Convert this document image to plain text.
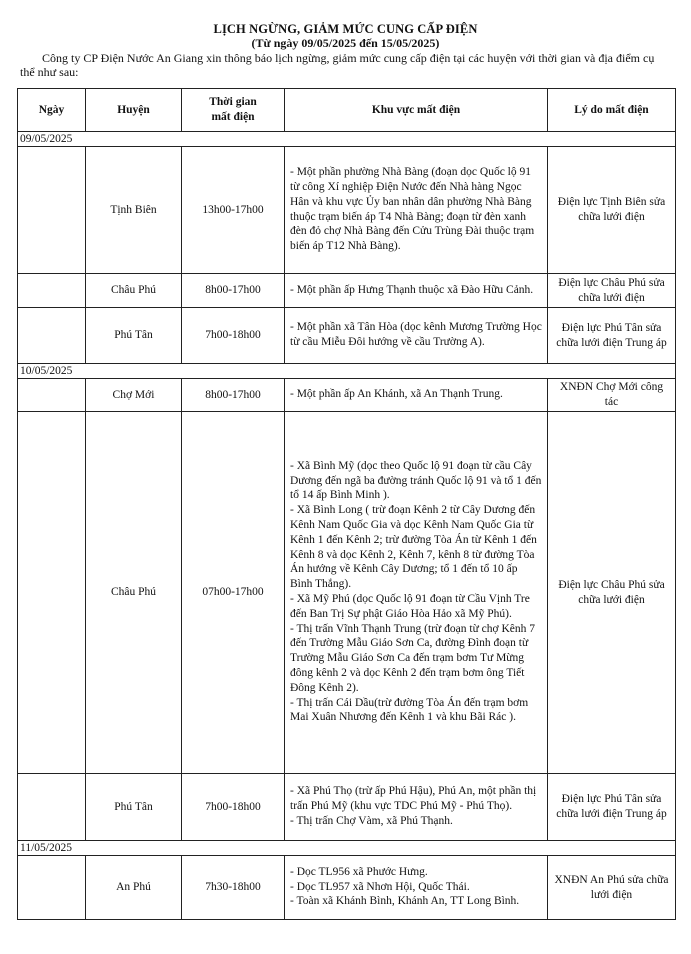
LỊCH NGỪNG, GIẢM MỨC CUNG CẤP ĐIỆN
(Từ ngày 09/05/2025 đến 15/05/2025)
Công ty CP Điện Nước An Giang xin thông báo lịch ngừng, giảm mức cung cấp điện tại các huyện với thời gian và địa điểm cụ thể như sau:
Ngày	Huyện	Thời gian
mất điện	Khu vực mất điện	Lý do mất điện
09/05/2025				
	Tịnh Biên	13h00-17h00	- Một phần phường Nhà Bàng (đoạn dọc Quốc lộ 91 từ công Xí nghiệp Điện Nước đến Nhà hàng Ngọc Hân và khu vực Ủy ban nhân dân phường Nhà Bàng thuộc trạm biến áp T4 Nhà Bàng; đoạn từ đèn xanh đèn đỏ chợ Nhà Bàng đến Cửu Trùng Đài thuộc trạm biến áp T12 Nhà Bàng).	Điện lực Tịnh Biên sửa chữa lưới điện
	Châu Phú	8h00-17h00	- Một phần ấp Hưng Thạnh thuộc xã Đào Hữu Cảnh.	Điện lực Châu Phú sửa chữa lưới điện
	Phú Tân	7h00-18h00	- Một phần xã Tân Hòa (dọc kênh Mương Trường Học từ cầu Miễu Đôi hướng về cầu Trường A).	Điện lực Phú Tân sửa chữa lưới điện Trung áp
10/05/2025				
	Chợ Mới	8h00-17h00	- Một phần ấp An Khánh, xã An Thạnh Trung.	XNĐN Chợ Mới công tác
	Châu Phú	07h00-17h00	- Xã Bình Mỹ (dọc theo Quốc lộ 91 đoạn từ cầu Cây Dương đến ngã ba đường tránh Quốc lộ 91 và tổ 1 đến tổ 14 ấp Bình Minh ).
- Xã Bình Long ( trừ đoạn Kênh 2 từ Cây Dương đến Kênh Nam Quốc Gia và dọc Kênh Nam Quốc Gia từ Kênh 1 đến Kênh 2; trừ đường Tòa Án từ Kênh 1 đến Kênh 8 và dọc Kênh 2, Kênh 7, kênh 8 từ đường Tòa Án hướng về Kênh Cây Dương; tổ 1 đến tổ 10 ấp Bình Thắng).
- Xã Mỹ Phú (dọc Quốc lộ 91 đoạn từ Cầu Vịnh Tre đến Ban Trị Sự phật Giáo Hòa Hảo xã Mỹ Phú).
- Thị trấn Vĩnh Thạnh Trung (trừ đoạn từ chợ Kênh 7 đến Trường Mẫu Giáo Sơn Ca, đường Đình đoạn từ Trường Mẫu Giáo Sơn Ca đến trạm bơm Tư Mừng đông kênh 2 và dọc Kênh 2 đến trạm bơm ông Tiết Đông Kênh 2).
- Thị trấn Cái Dầu(trừ đường Tòa Án đến trạm bơm Mai Xuân Nhương đến Kênh 1 và khu Bãi Rác ).	Điện lực Châu Phú sửa chữa lưới điện
	Phú Tân	7h00-18h00	- Xã Phú Thọ (trừ ấp Phú Hậu), Phú An, một phần thị trấn Phú Mỹ (khu vực TDC Phú Mỹ - Phú Thọ).
- Thị trấn Chợ Vàm, xã Phú Thạnh.	Điện lực Phú Tân sửa chữa lưới điện Trung áp
11/05/2025				
	An Phú	7h30-18h00	- Dọc TL956 xã Phước Hưng.
- Dọc TL957 xã Nhơn Hội, Quốc Thái.
- Toàn xã Khánh Bình, Khánh An, TT Long Bình.	XNĐN An Phú sửa chữa lưới điện
